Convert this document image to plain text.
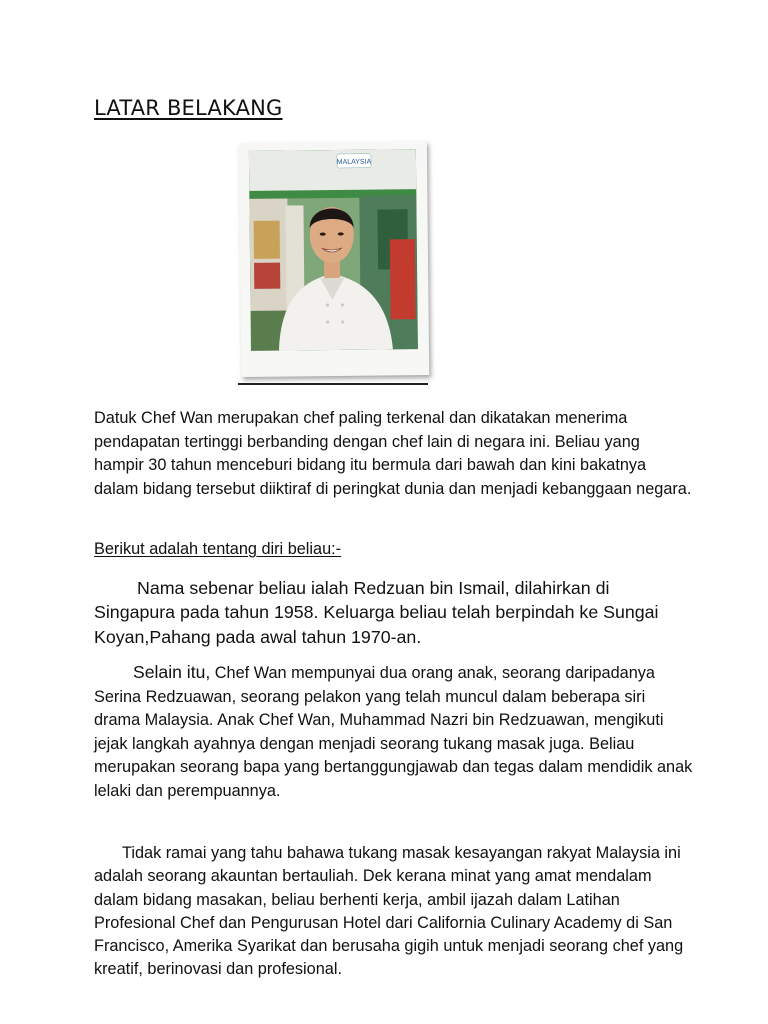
LATAR BELAKANG
MALAYSIA

Datuk Chef Wan merupakan chef paling terkenal dan dikatakan menerima pendapatan tertinggi berbanding dengan chef lain di negara ini. Beliau yang hampir 30 tahun menceburi bidang itu bermula dari bawah dan kini bakatnya dalam bidang tersebut diiktiraf di peringkat dunia dan menjadi kebanggaan negara.

Berikut adalah tentang diri beliau:-

Nama sebenar beliau ialah Redzuan bin Ismail, dilahirkan di Singapura pada tahun 1958. Keluarga beliau telah berpindah ke Sungai Koyan,Pahang pada awal tahun 1970-an.

Selain itu, Chef Wan mempunyai dua orang anak, seorang daripadanya Serina Redzuawan, seorang pelakon yang telah muncul dalam beberapa siri drama Malaysia. Anak Chef Wan, Muhammad Nazri bin Redzuawan, mengikuti jejak langkah ayahnya dengan menjadi seorang tukang masak juga. Beliau merupakan seorang bapa yang bertanggungjawab dan tegas dalam mendidik anak lelaki dan perempuannya.

Tidak ramai yang tahu bahawa tukang masak kesayangan rakyat Malaysia ini adalah seorang akauntan bertauliah. Dek kerana minat yang amat mendalam dalam bidang masakan, beliau berhenti kerja, ambil ijazah dalam Latihan Profesional Chef dan Pengurusan Hotel dari California Culinary Academy di San Francisco, Amerika Syarikat dan berusaha gigih untuk menjadi seorang chef yang kreatif, berinovasi dan profesional.
